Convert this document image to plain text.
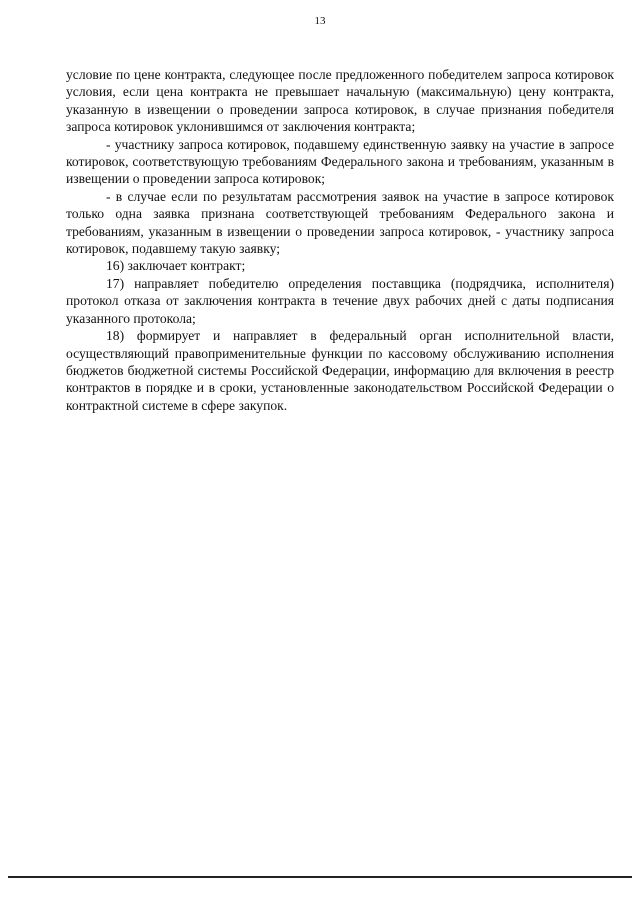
13

условие по цене контракта, следующее после предложенного победителем запроса котировок условия, если цена контракта не превышает начальную (максимальную) цену контракта, указанную в извещении о проведении запроса котировок, в случае признания победителя запроса котировок уклонившимся от заключения контракта;

- участнику запроса котировок, подавшему единственную заявку на участие в запросе котировок, соответствующую требованиям Федерального закона и требованиям, указанным в извещении о проведении запроса котировок;

- в случае если по результатам рассмотрения заявок на участие в запросе котировок только одна заявка признана соответствующей требованиям Федерального закона и требованиям, указанным в извещении о проведении запроса котировок, - участнику запроса котировок, подавшему такую заявку;

16) заключает контракт;

17) направляет победителю определения поставщика (подрядчика, исполнителя) протокол отказа от заключения контракта в течение двух рабочих дней с даты подписания указанного протокола;

18) формирует и направляет в федеральный орган исполнительной власти, осуществляющий правоприменительные функции по кассовому обслуживанию исполнения бюджетов бюджетной системы Российской Федерации, информацию для включения в реестр контрактов в порядке и в сроки, установленные законодательством Российской Федерации о контрактной системе в сфере закупок.
